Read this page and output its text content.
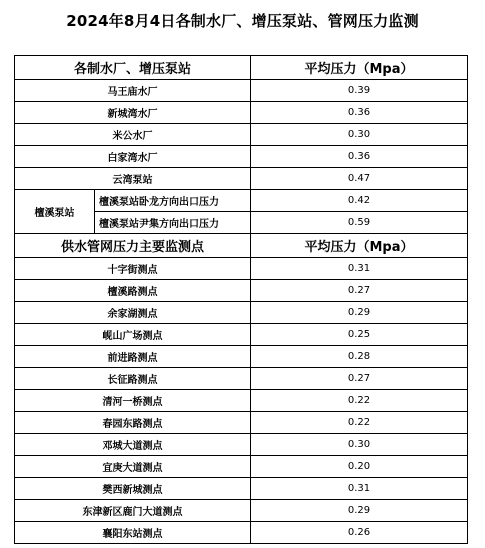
2024年8月4日各制水厂、增压泵站、管网压力监测
各制水厂、增压泵站		平均压力（Mpa）
马王庙水厂		0.39
新城湾水厂		0.36
米公水厂		0.30
白家湾水厂		0.36
云湾泵站		0.47
檀溪泵站	檀溪泵站卧龙方向出口压力	0.42
	檀溪泵站尹集方向出口压力	0.59
供水管网压力主要监测点		平均压力（Mpa）
十字街测点		0.31
檀溪路测点		0.27
余家湖测点		0.29
岘山广场测点		0.25
前进路测点		0.28
长征路测点		0.27
清河一桥测点		0.22
春园东路测点		0.22
邓城大道测点		0.30
宜庚大道测点		0.20
樊西新城测点		0.31
东津新区鹿门大道测点		0.29
襄阳东站测点		0.26
